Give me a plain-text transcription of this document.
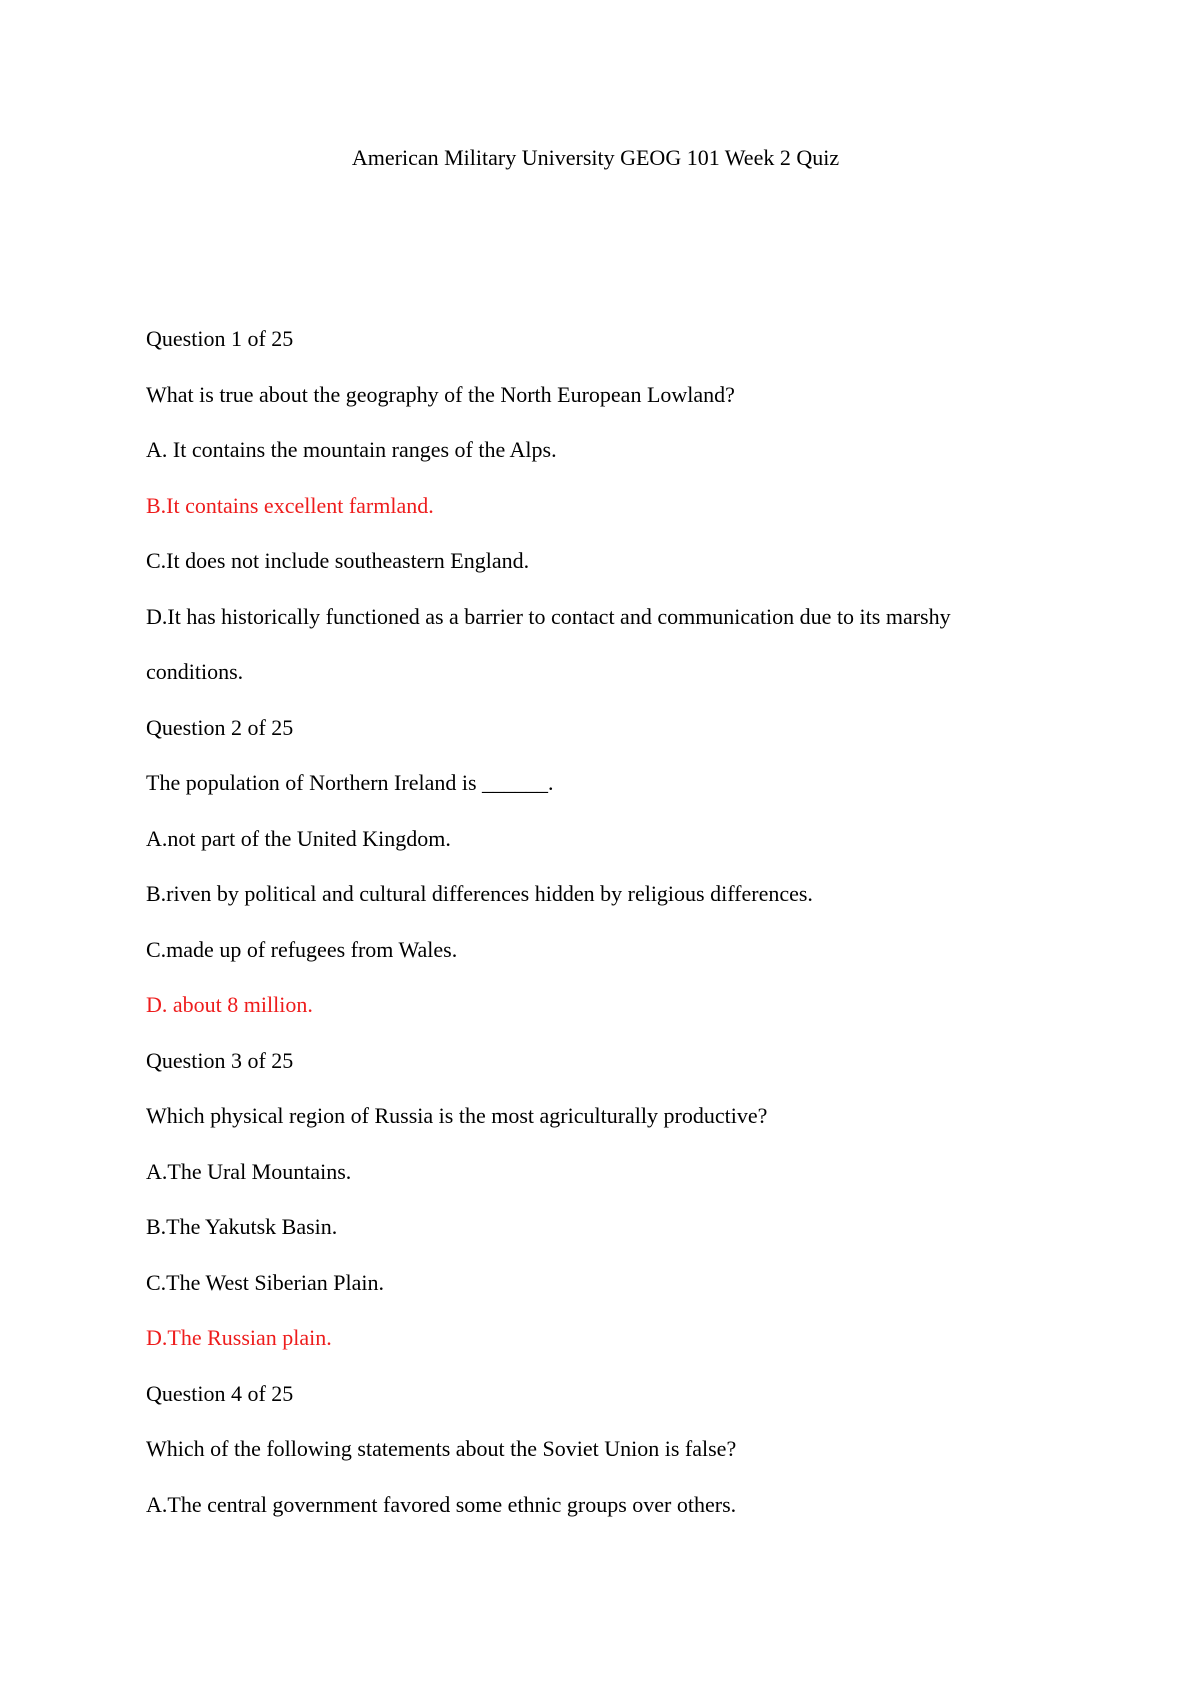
American Military University GEOG 101 Week 2 Quiz

Question 1 of 25

What is true about the geography of the North European Lowland?

A. It contains the mountain ranges of the Alps.

B.It contains excellent farmland.

C.It does not include southeastern England.

D.It has historically functioned as a barrier to contact and communication due to its marshy conditions.

Question 2 of 25

The population of Northern Ireland is ______.

A.not part of the United Kingdom.

B.riven by political and cultural differences hidden by religious differences.

C.made up of refugees from Wales.

D. about 8 million.

Question 3 of 25

Which physical region of Russia is the most agriculturally productive?

A.The Ural Mountains.

B.The Yakutsk Basin.

C.The West Siberian Plain.

D.The Russian plain.

Question 4 of 25

Which of the following statements about the Soviet Union is false?

A.The central government favored some ethnic groups over others.
